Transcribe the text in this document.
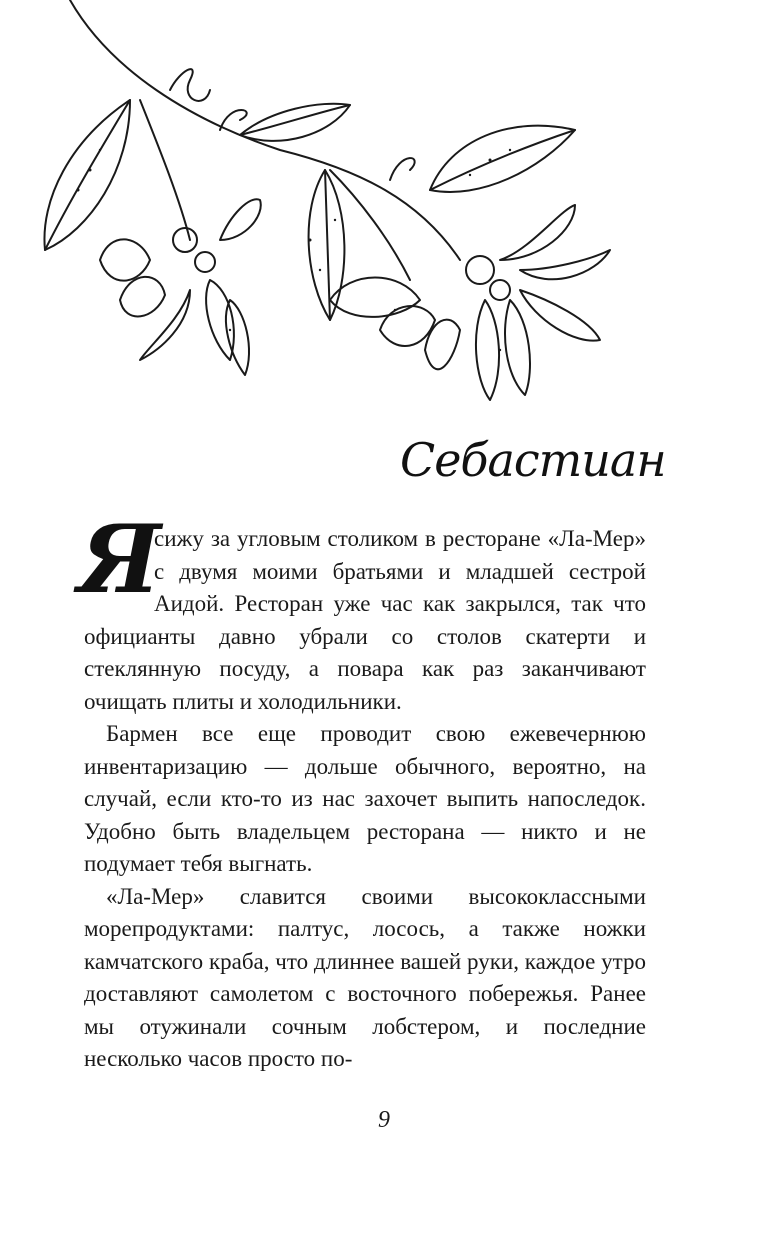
Себастиан

Я
сижу за угловым столиком в ресторане «Ла-Мер» с двумя моими братьями и младшей сестрой Аидой. Ресторан уже час как закрылся, так что официанты давно убрали со столов скатерти и стеклянную посуду, а повара как раз заканчивают очищать плиты и холодильники.

Бармен все еще проводит свою ежевечернюю инвентаризацию — дольше обычного, вероятно, на случай, если кто-то из нас захочет выпить напоследок. Удобно быть владельцем ресторана — никто и не подумает тебя выгнать.

«Ла-Мер» славится своими высококлассными морепродуктами: палтус, лосось, а также ножки камчатского краба, что длиннее вашей руки, каждое утро доставляют самолетом с восточного побережья. Ранее мы отужинали сочным лобстером, и последние несколько часов просто по-

9
